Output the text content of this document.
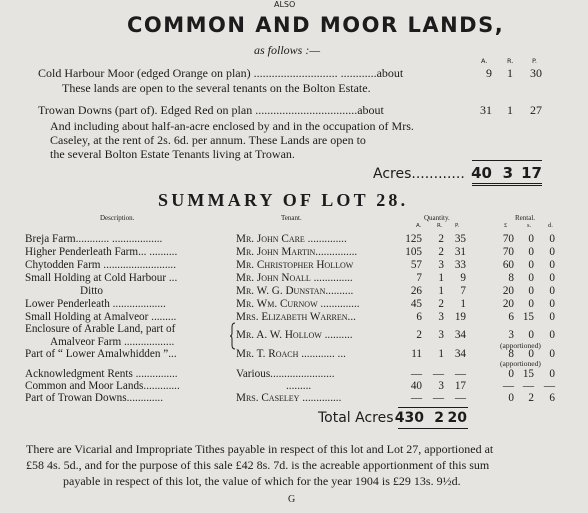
ALSO
COMMON AND MOOR LANDS,
as follows :—
A.	R.	P.
Cold Harbour Moor (edged Orange on plan) ............................ ............about	9	1	30
These lands are open to the several tenants on the Bolton Estate.
Trowan Downs (part of). Edged Red on plan ..................................about	31	1	27
And including about half-an-acre enclosed by and in the occupation of Mrs.
Caseley, at the rent of 2s. 6d. per annum. These Lands are open to
the several Bolton Estate Tenants living at Trowan.
Acres............ 40 3 17
SUMMARY OF LOT 28.
Description.	Tenant.	Quantity.	Rental.
A.	R. P.	£	s.	d.
Breja Farm............ ..................	Mr. John Care ..............	125	2 35	70	0	0
Higher Penderleath Farm... ..........	Mr. John Martin...............	105	2 31	70	0	0
Chytodden Farm ..........................	Mr. Christopher Hollow	57	3 33	60	0	0
Small Holding at Cold Harbour ...	Mr. John Noall ..............	7	1	9	8	0	0
Ditto	Mr. W. G. Dunstan..........	26	1	7	20	0	0
Lower Penderleath ...................	Mr. Wm. Curnow ..............	45	2	1	20	0	0
Small Holding at Amalveor .........	Mrs. Elizabeth Warren...	6	3 19	6 15	0
Enclosure of Arable Land, part of
Amalveor Farm ..................
Mr. A. W. Hollow ..........	2	3 34	3	0	0
(apportioned)
Part of “ Lower Amalwhidden ”...	Mr. T. Roach ............ ...	11	1 34	8	0	0
(apportioned)
Acknowledgment Rents ...............	Various.......................	— — —	0 15	0
Common and Moor Lands.............	.........	40	3 17	— — —
Part of Trowan Downs.............	Mrs. Caseley ..............	— — —	0	2	6
Total Acres 430 2 20
There are Vicarial and Impropriate Tithes payable in respect of this lot and Lot 27, apportioned at
£58 4s. 5d., and for the purpose of this sale £42 8s. 7d. is the acreable apportionment of this sum
payable in respect of this lot, the value of which for the year 1904 is £29 13s. 9½d.
G
